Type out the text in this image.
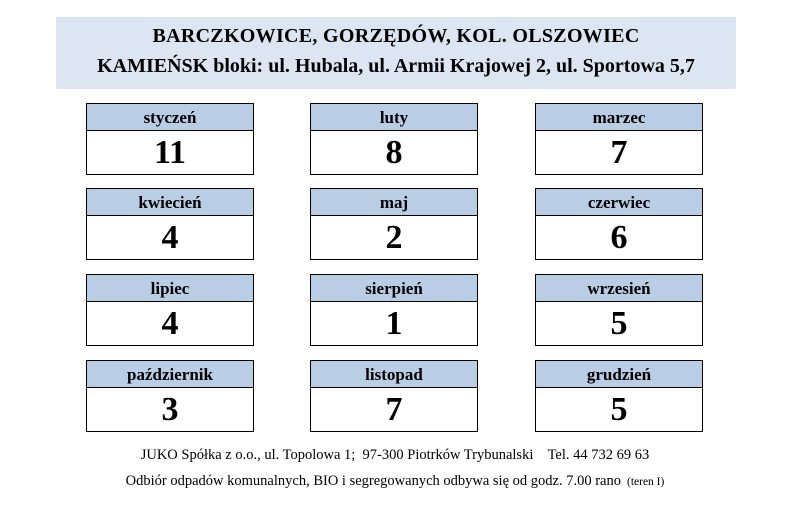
BARCZKOWICE, GORZĘDÓW, KOL. OLSZOWIEC
KAMIEŃSK bloki: ul. Hubala, ul. Armii Krajowej 2, ul. Sportowa 5,7
styczeń
11
luty
8
marzec
7
kwiecień
4
maj
2
czerwiec
6
lipiec
4
sierpień
1
wrzesień
5
październik
3
listopad
7
grudzień
5
JUKO Spółka z o.o., ul. Topolowa 1;  97-300 Piotrków Trybunalski    Tel. 44 732 69 63
Odbiór odpadów komunalnych, BIO i segregowanych odbywa się od godz. 7.00 rano (teren I)
